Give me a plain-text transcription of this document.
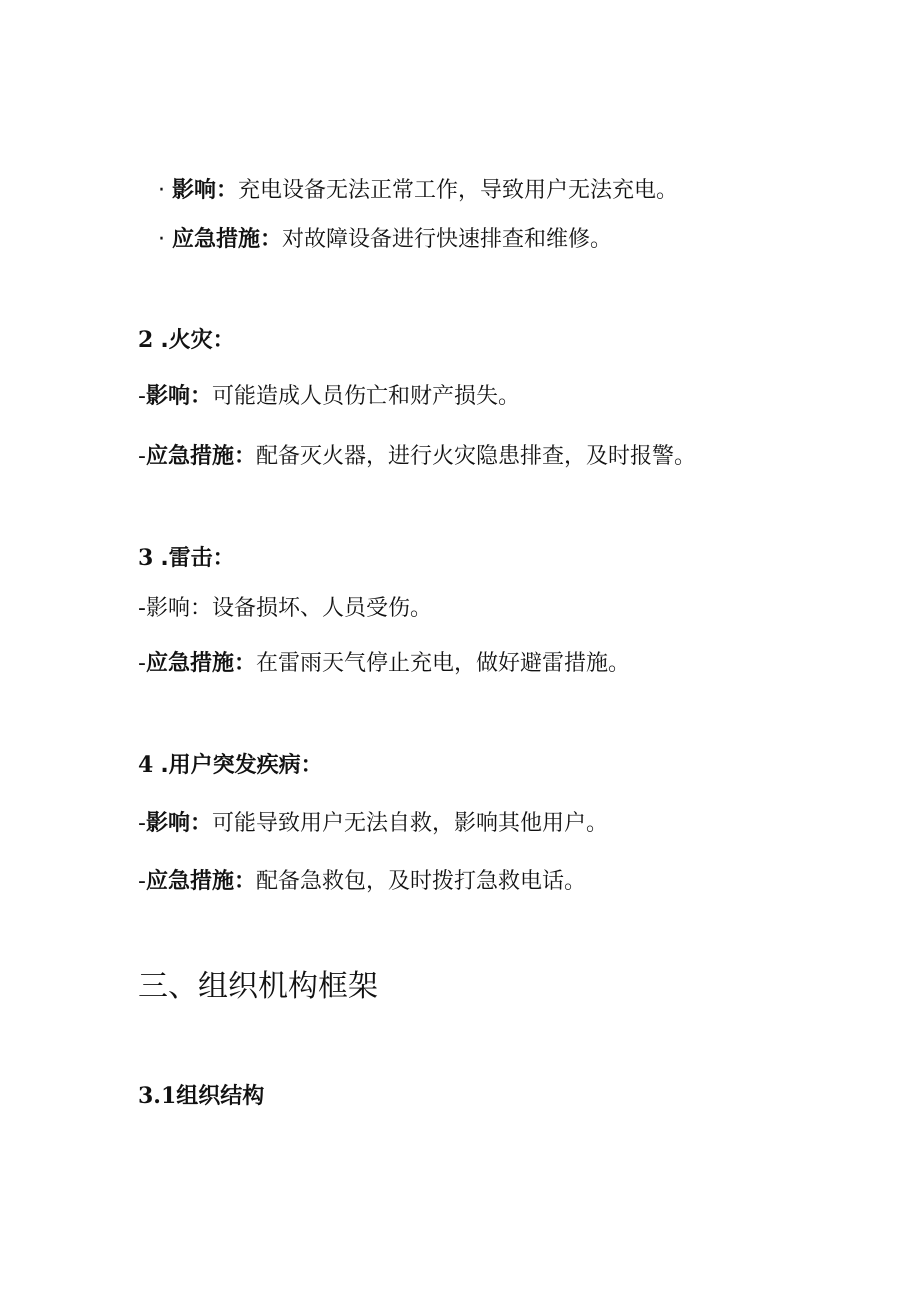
· 影响：充电设备无法正常工作，导致用户无法充电。
· 应急措施：对故障设备进行快速排查和维修。
2 .火灾：
-影响：可能造成人员伤亡和财产损失。
-应急措施：配备灭火器，进行火灾隐患排查，及时报警。
3 .雷击：
-影响：设备损坏、人员受伤。
-应急措施：在雷雨天气停止充电，做好避雷措施。
4 .用户突发疾病：
-影响：可能导致用户无法自救，影响其他用户。
-应急措施：配备急救包，及时拨打急救电话。
三、组织机构框架
3.1组织结构
